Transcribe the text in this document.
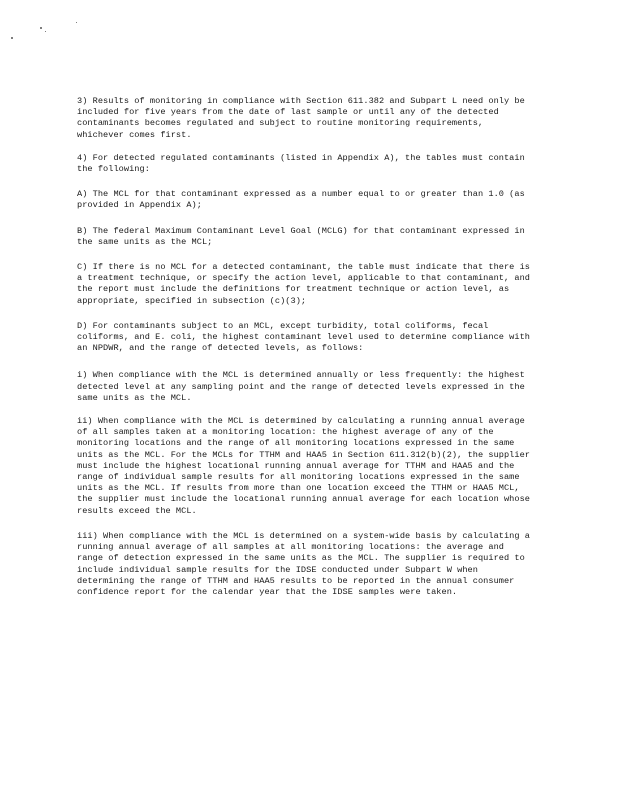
3) Results of monitoring in compliance with Section 611.382 and Subpart L need only be included for five years from the date of last sample or until any of the detected contaminants becomes regulated and subject to routine monitoring requirements, whichever comes first.

4) For detected regulated contaminants (listed in Appendix A), the tables must contain the following:

A) The MCL for that contaminant expressed as a number equal to or greater than 1.0 (as provided in Appendix A);

B) The federal Maximum Contaminant Level Goal (MCLG) for that contaminant expressed in the same units as the MCL;

C) If there is no MCL for a detected contaminant, the table must indicate that there is a treatment technique, or specify the action level, applicable to that contaminant, and the report must include the definitions for treatment technique or action level, as appropriate, specified in subsection (c)(3);

D) For contaminants subject to an MCL, except turbidity, total coliforms, fecal coliforms, and E. coli, the highest contaminant level used to determine compliance with an NPDWR, and the range of detected levels, as follows:

i) When compliance with the MCL is determined annually or less frequently: the highest detected level at any sampling point and the range of detected levels expressed in the same units as the MCL.

ii) When compliance with the MCL is determined by calculating a running annual average of all samples taken at a monitoring location: the highest average of any of the monitoring locations and the range of all monitoring locations expressed in the same units as the MCL. For the MCLs for TTHM and HAA5 in Section 611.312(b)(2), the supplier must include the highest locational running annual average for TTHM and HAA5 and the range of individual sample results for all monitoring locations expressed in the same units as the MCL. If results from more than one location exceed the TTHM or HAA5 MCL, the supplier must include the locational running annual average for each location whose results exceed the MCL.

iii) When compliance with the MCL is determined on a system-wide basis by calculating a running annual average of all samples at all monitoring locations: the average and range of detection expressed in the same units as the MCL. The supplier is required to include individual sample results for the IDSE conducted under Subpart W when determining the range of TTHM and HAA5 results to be reported in the annual consumer confidence report for the calendar year that the IDSE samples were taken.
